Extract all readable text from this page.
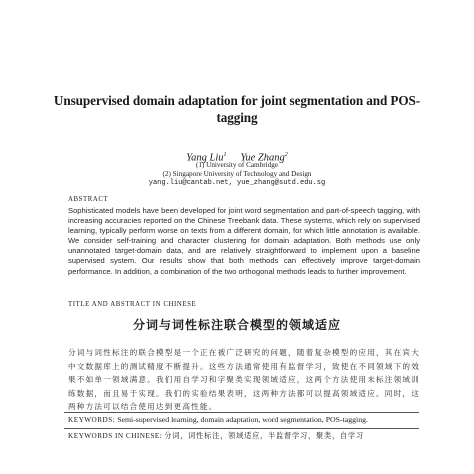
Unsupervised domain adaptation for joint segmentation and POS-tagging
Yang Liu$^1$ Yue Zhang$^2$
(1) University of Cambridge
(2) Singapore University of Technology and Design
yang.liu@cantab.net, yue_zhang@sutd.edu.sg
ABSTRACT
Sophisticated models have been developed for joint word segmentation and part-of-speech tagging, with increasing accuracies reported on the Chinese Treebank data. These systems, which rely on supervised learning, typically perform worse on texts from a different domain, for which little annotation is available. We consider self-training and character clustering for domain adaptation. Both methods use only unannotated target-domain data, and are relatively straightforward to implement upon a baseline supervised system. Our results show that both methods can effectively improve target-domain performance. In addition, a combination of the two orthogonal methods leads to further improvement.
TITLE AND ABSTRACT IN CHINESE
分词与词性标注联合模型的领域适应
分词与词性标注的联合模型是一个正在被广泛研究的问题，随着复杂模型的应用，其在宾大中文数据库上的测试精度不断提升。这些方法通常使用有监督学习，致使在不同领域下的效果不如单一领域满意。我们用自学习和字聚类实现领域适应，这两个方法使用未标注领域训练数据，而且易于实现。我们的实验结果表明，这两种方法都可以提高领域适应。同时，这两种方法可以结合使用达到更高性能。
KEYWORDS: Semi-supervised learning, domain adaptation, word segmentation, POS-tagging.
KEYWORDS IN CHINESE: 分词，词性标注，领域适应，半监督学习，聚类，自学习
